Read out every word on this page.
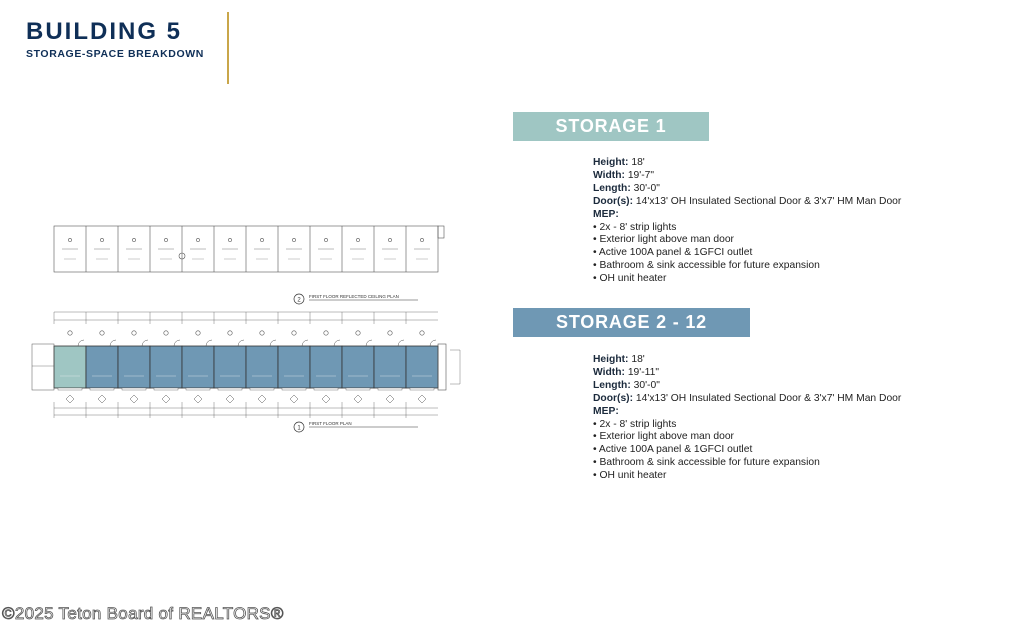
BUILDING 5
STORAGE-SPACE BREAKDOWN
2
FIRST FLOOR REFLECTED CEILING PLAN
1
FIRST FLOOR PLAN
STORAGE 1
Height: 18'
Width: 19'-7"
Length: 30'-0"
Door(s): 14'x13' OH Insulated Sectional Door & 3'x7' HM Man Door
MEP:
• 2x - 8' strip lights
• Exterior light above man door
• Active 100A panel & 1GFCI outlet
• Bathroom & sink accessible for future expansion
• OH unit heater
STORAGE 2 - 12
Height: 18'
Width: 19'-11"
Length: 30'-0"
Door(s): 14'x13' OH Insulated Sectional Door & 3'x7' HM Man Door
MEP:
• 2x - 8' strip lights
• Exterior light above man door
• Active 100A panel & 1GFCI outlet
• Bathroom & sink accessible for future expansion
• OH unit heater
©2025 Teton Board of REALTORS®
